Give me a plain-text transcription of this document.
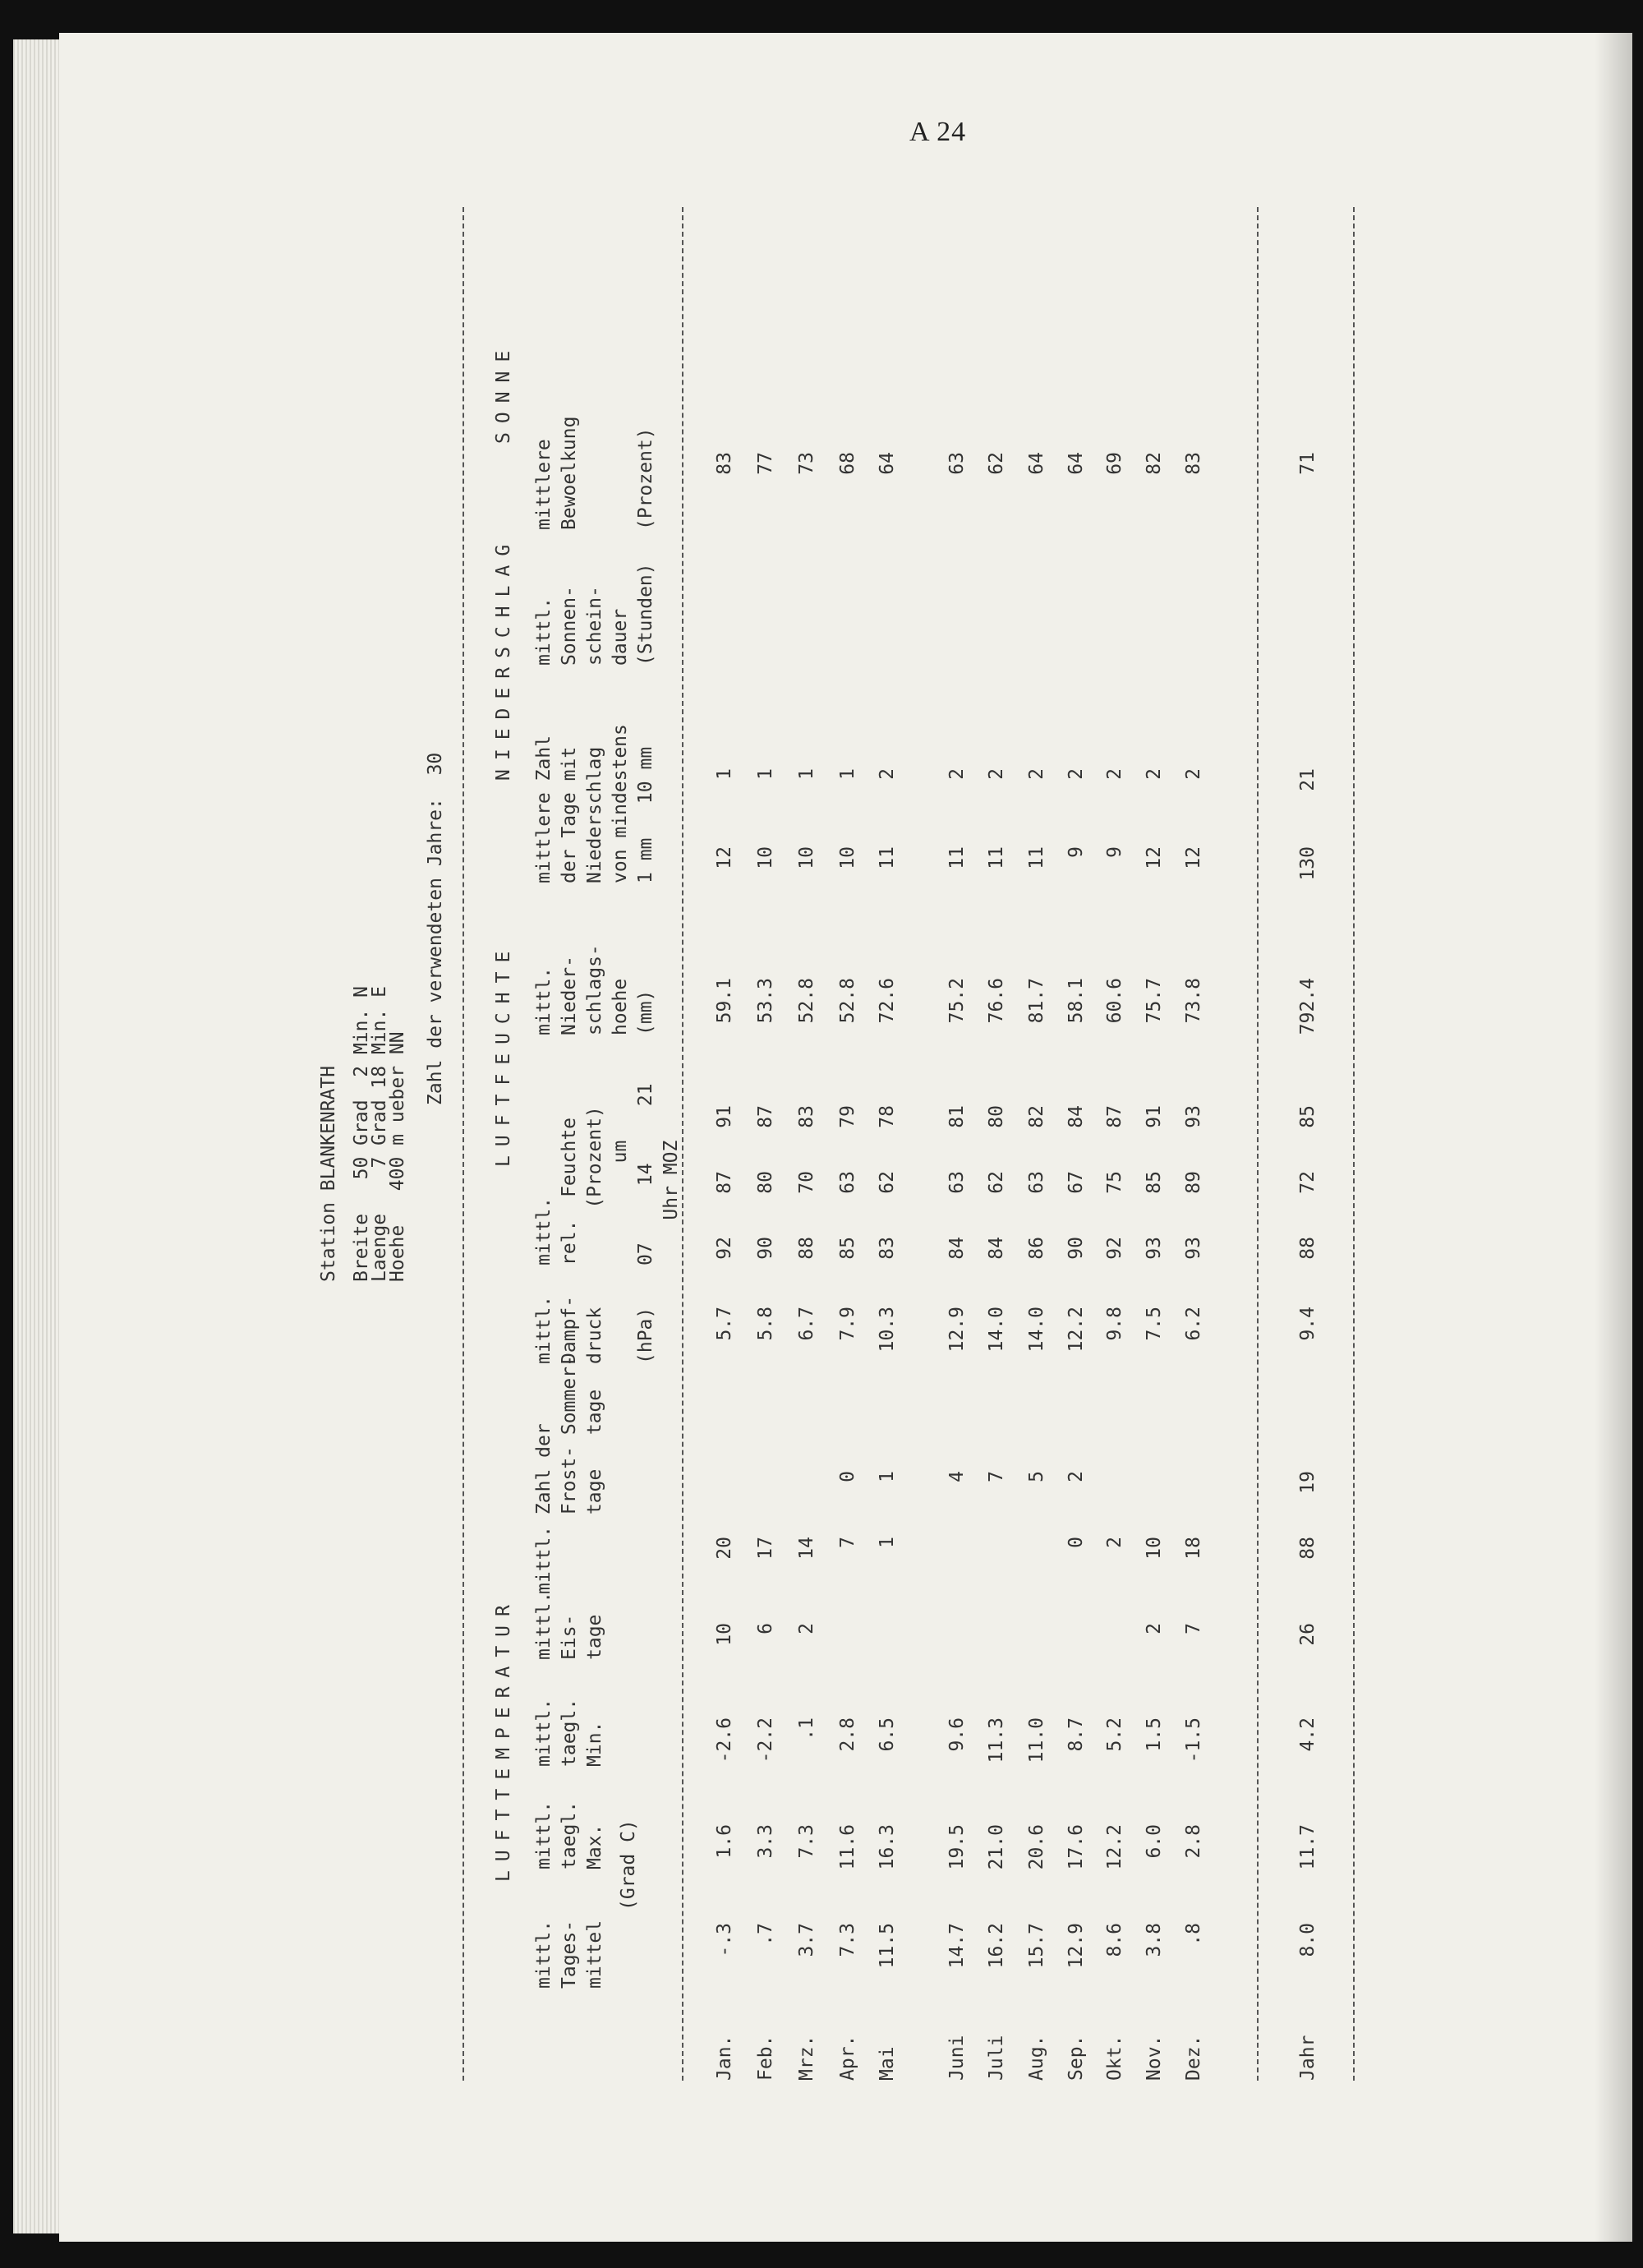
A 24
Station BLANKENRATH Breite   50 Grad  2 Min. N
Laenge    7 Grad 18 Min. E
Hoehe   400 m ueber NN
Zahl der verwendeten Jahre:  30
LUFTTEMPERATUR
LUFTFEUCHTE
NIEDERSCHLAG
SONNE
mittl.
Tages-
mittel
mittl.
taegl.
Max.
mittl.
taegl.
Min.
(Grad C)
mittl.
Eis-
tage
mittl. Zahl der
Frost- Sommer-
tage   tage
mittl.
Dampf-
druck

(hPa)
mittl.
rel.  Feuchte
(Prozent)
um
07     14     21
Uhr MOZ
mittl.
Nieder-
schlags-
hoehe
(mm)
mittlere Zahl
der Tage mit
Niederschlag
von mindestens
1 mm   10 mm
mittl.
Sonnen-
schein-
dauer
(Stunden)
mittlere
Bewoelkung

(Prozent)
Jan.
-.3
1.6
-2.6
10
20
5.7
92
87
91
59.1
12
1
83
Feb.
.7
3.3
-2.2
6
17
5.8
90
80
87
53.3
10
1
77
Mrz.
3.7
7.3
.1
2
14
6.7
88
70
83
52.8
10
1
73
Apr.
7.3
11.6
2.8
7
0
7.9
85
63
79
52.8
10
1
68
Mai
11.5
16.3
6.5
1
1
10.3
83
62
78
72.6
11
2
64
Juni
14.7
19.5
9.6
4
12.9
84
63
81
75.2
11
2
63
Juli
16.2
21.0
11.3
7
14.0
84
62
80
76.6
11
2
62
Aug.
15.7
20.6
11.0
5
14.0
86
63
82
81.7
11
2
64
Sep.
12.9
17.6
8.7
0
2
12.2
90
67
84
58.1
9
2
64
Okt.
8.6
12.2
5.2
2
9.8
92
75
87
60.6
9
2
69
Nov.
3.8
6.0
1.5
2
10
7.5
93
85
91
75.7
12
2
82
Dez.
.8
2.8
-1.5
7
18
6.2
93
89
93
73.8
12
2
83
Jahr
8.0
11.7
4.2
26
88
19
9.4
88
72
85
792.4
130
21
71
